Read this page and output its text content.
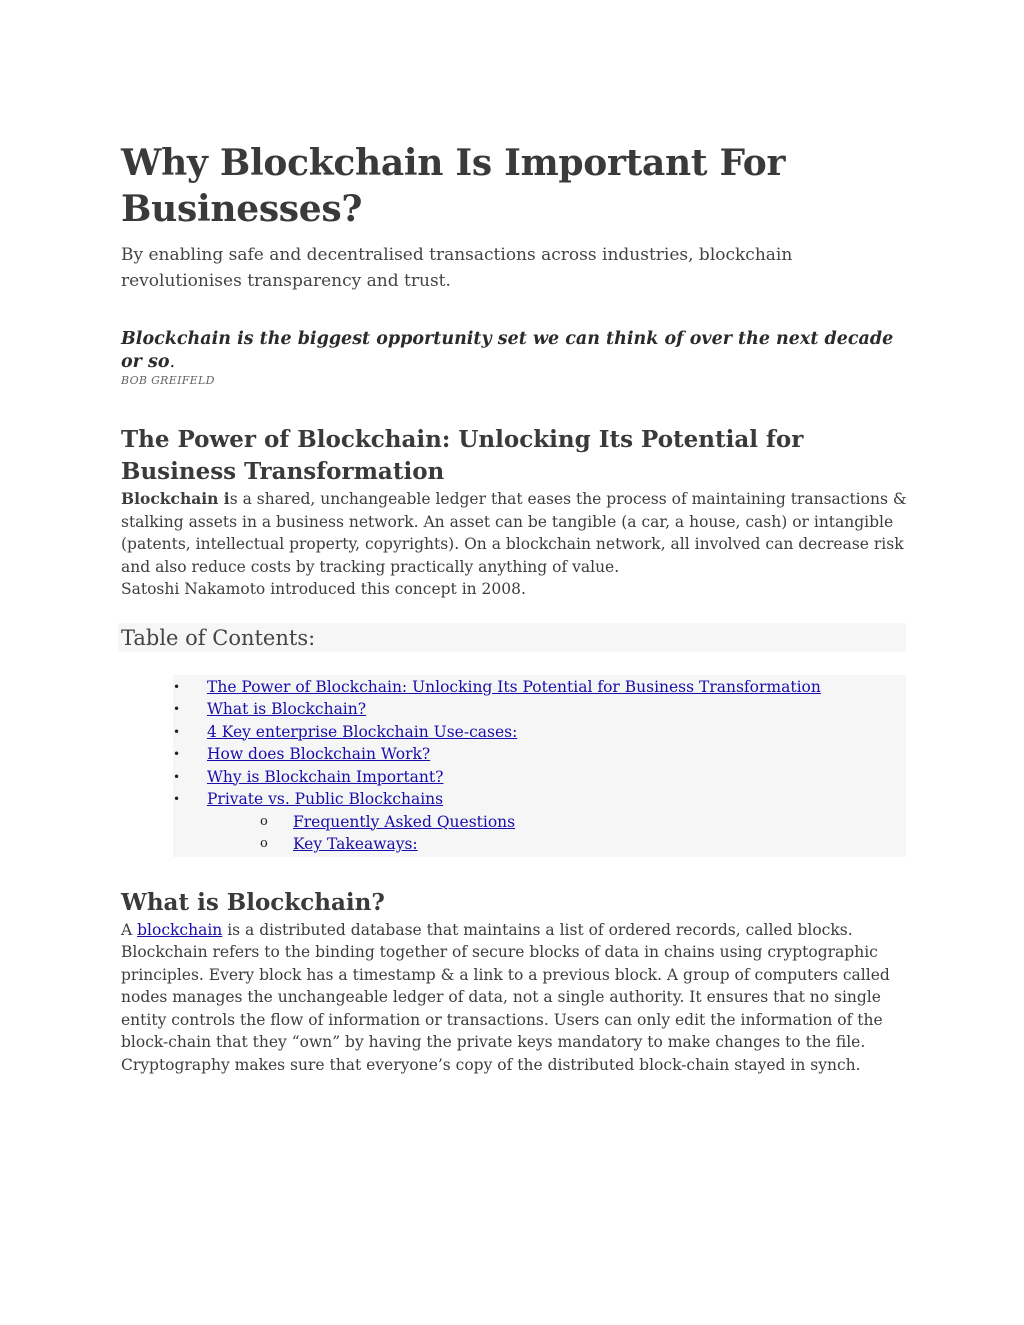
Why Blockchain Is Important For Businesses?

By enabling safe and decentralised transactions across industries, blockchain revolutionises transparency and trust.

Blockchain is the biggest opportunity set we can think of over the next decade or so.

BOB GREIFELD

The Power of Blockchain: Unlocking Its Potential for Business Transformation

Blockchain is a shared, unchangeable ledger that eases the process of maintaining transactions & stalking assets in a business network. An asset can be tangible (a car, a house, cash) or intangible (patents, intellectual property, copyrights). On a blockchain network, all involved can decrease risk and also reduce costs by tracking practically anything of value.

Satoshi Nakamoto introduced this concept in 2008.

Table of Contents:

•	The Power of Blockchain: Unlocking Its Potential for Business Transformation
•	What is Blockchain?
•	4 Key enterprise Blockchain Use-cases:
•	How does Blockchain Work?
•	Why is Blockchain Important?
•	Private vs. Public Blockchains
o Frequently Asked Questions
o Key Takeaways:
What is Blockchain?

A blockchain is a distributed database that maintains a list of ordered records, called blocks. Blockchain refers to the binding together of secure blocks of data in chains using cryptographic principles. Every block has a timestamp & a link to a previous block. A group of computers called nodes manages the unchangeable ledger of data, not a single authority. It ensures that no single entity controls the flow of information or transactions. Users can only edit the information of the block-chain that they “own” by having the private keys mandatory to make changes to the file. Cryptography makes sure that everyone’s copy of the distributed block-chain stayed in synch.
